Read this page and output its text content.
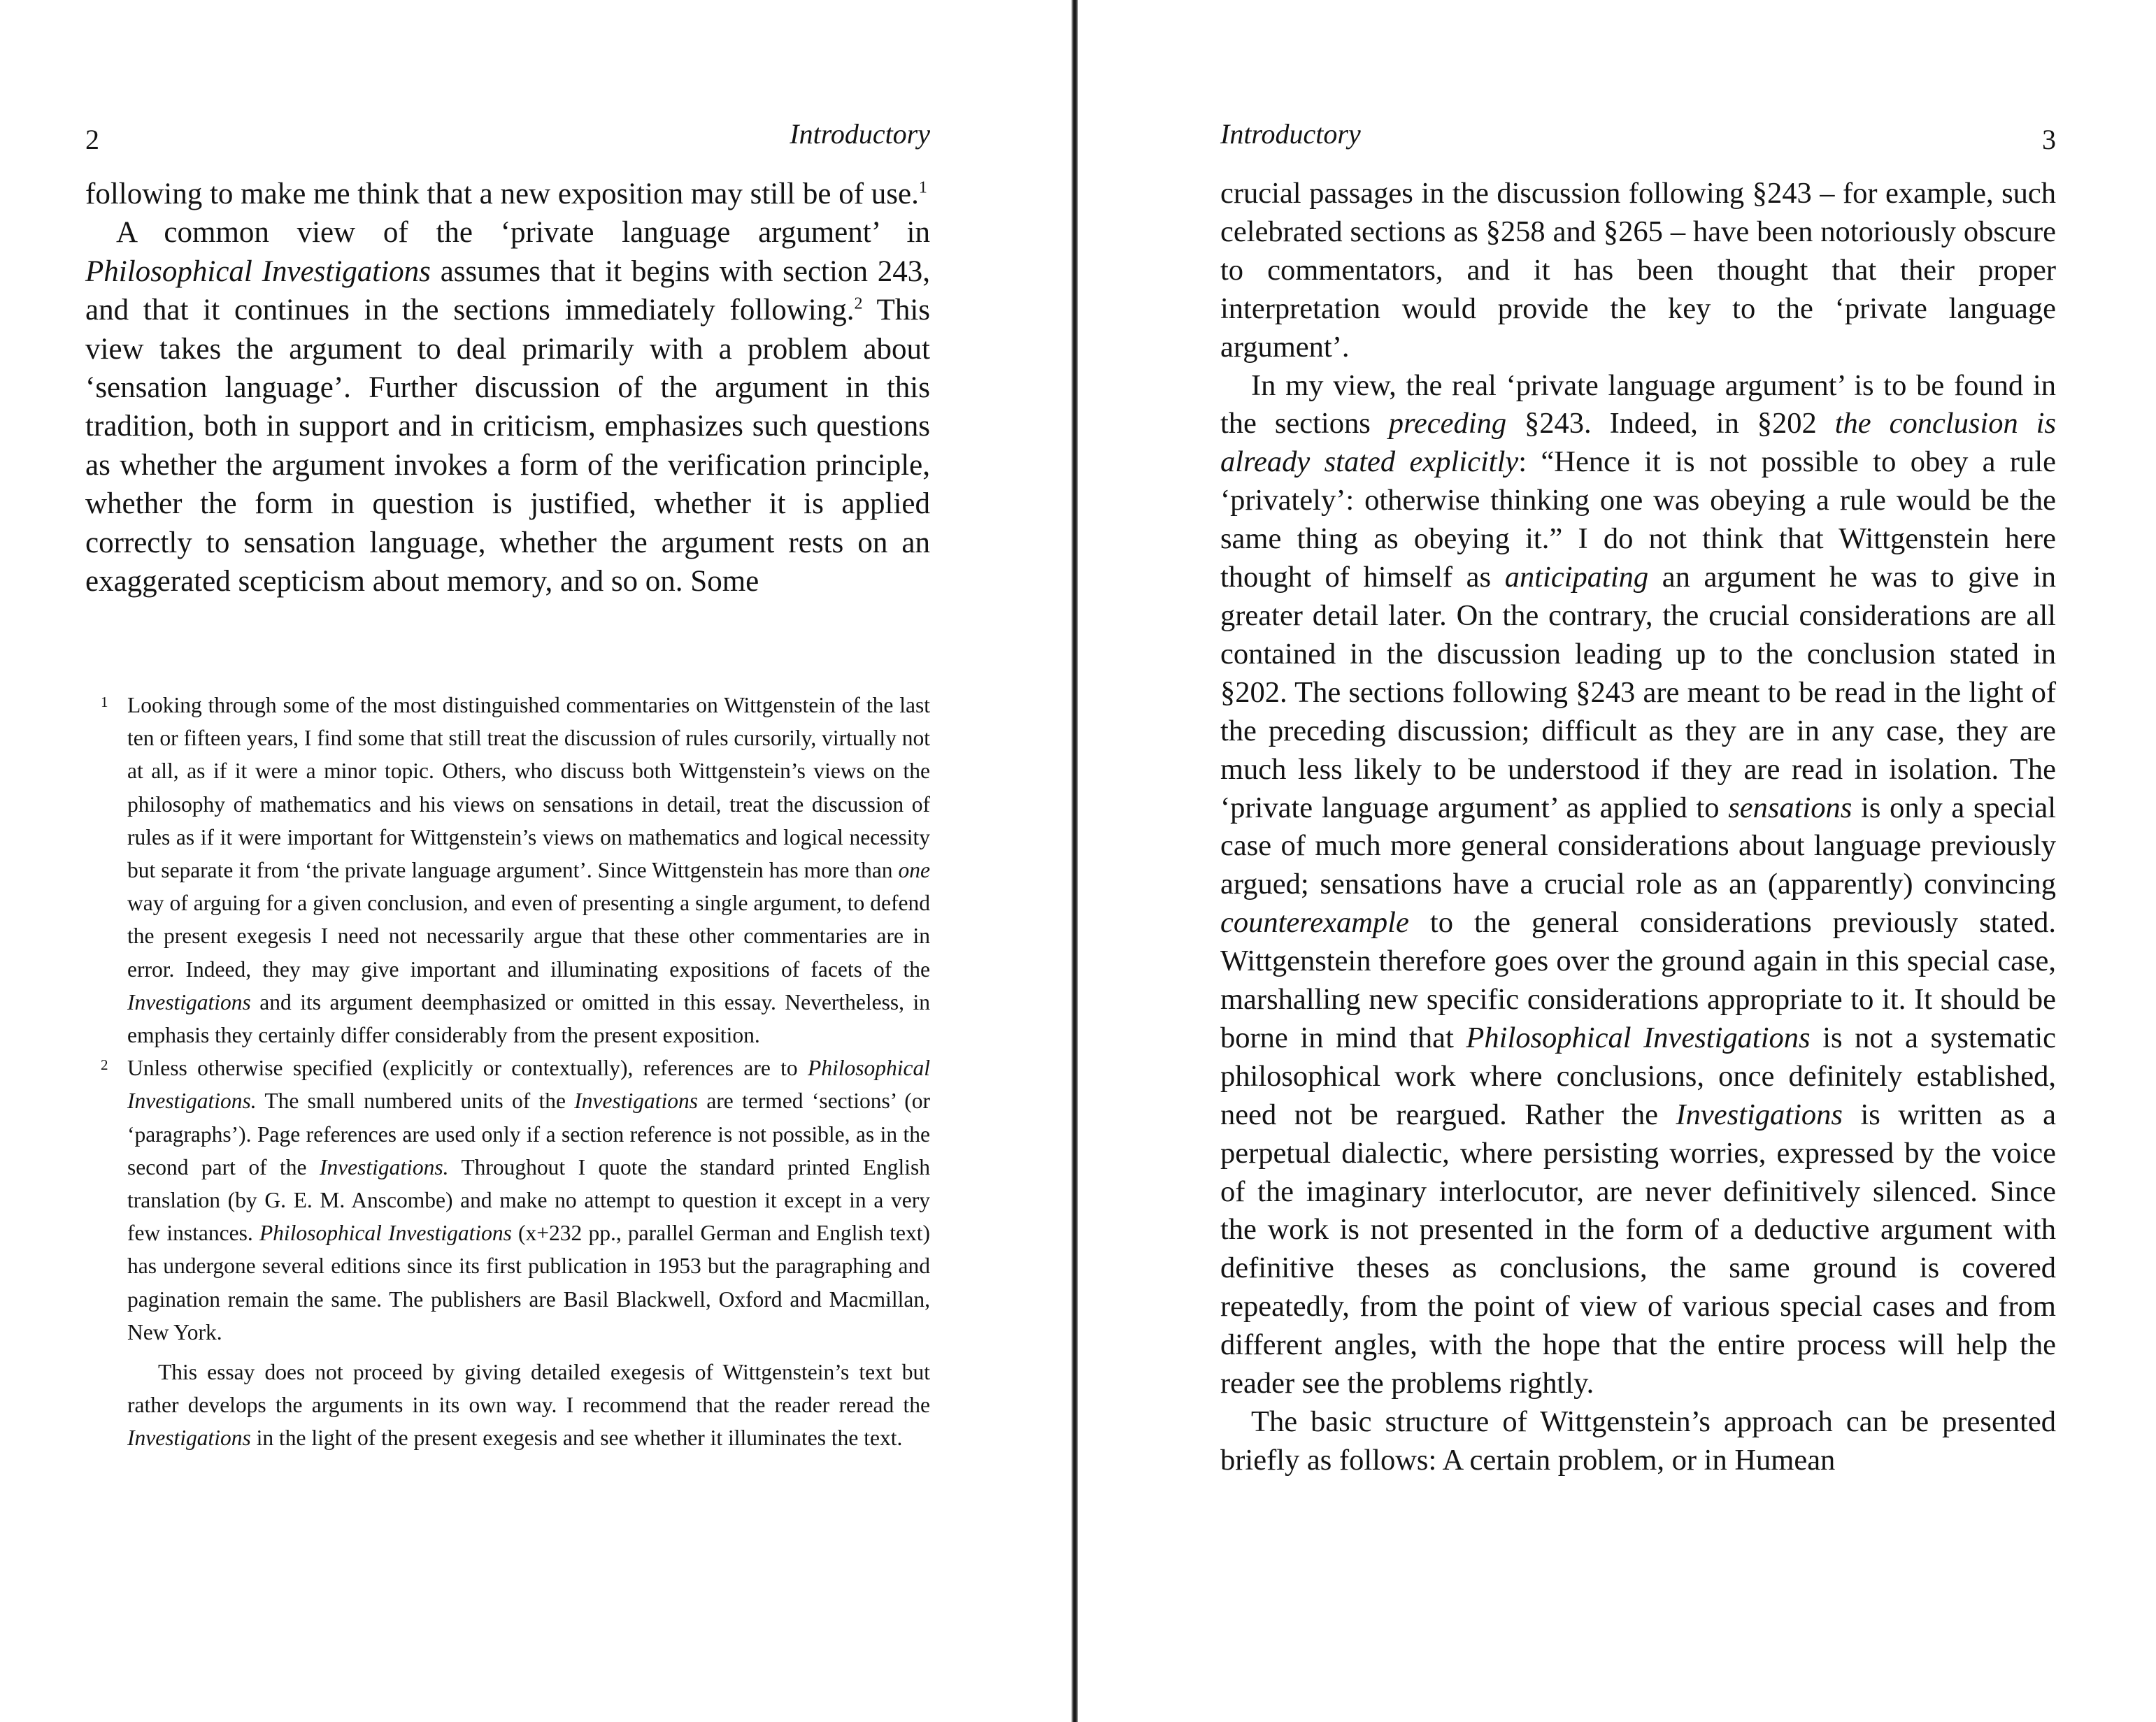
2	Introductory

following to make me think that a new exposition may still be of use.$^1$

A common view of the ‘private language argument’ in Philosophical Investigations assumes that it begins with section 243, and that it continues in the sections immediately following.$^2$ This view takes the argument to deal primarily with a problem about ‘sensation language’. Further discussion of the argument in this tradition, both in support and in criticism, emphasizes such questions as whether the argument invokes a form of the verification principle, whether the form in question is justified, whether it is applied correctly to sensation language, whether the argument rests on an exaggerated scepticism about memory, and so on. Some

1 Looking through some of the most distinguished commentaries on Wittgenstein of the last ten or fifteen years, I find some that still treat the discussion of rules cursorily, virtually not at all, as if it were a minor topic. Others, who discuss both Wittgenstein’s views on the philosophy of mathematics and his views on sensations in detail, treat the discussion of rules as if it were important for Wittgenstein’s views on mathematics and logical necessity but separate it from ‘the private language argument’. Since Wittgenstein has more than one way of arguing for a given conclusion, and even of presenting a single argument, to defend the present exegesis I need not necessarily argue that these other commentaries are in error. Indeed, they may give important and illuminating expositions of facets of the Investigations and its argument deemphasized or omitted in this essay. Nevertheless, in emphasis they certainly differ considerably from the present exposition.

2 Unless otherwise specified (explicitly or contextually), references are to Philosophical Investigations. The small numbered units of the Investigations are termed ‘sections’ (or ‘paragraphs’). Page references are used only if a section reference is not possible, as in the second part of the Investigations. Throughout I quote the standard printed English translation (by G. E. M. Anscombe) and make no attempt to question it except in a very few instances. Philosophical Investigations (x+232 pp., parallel German and English text) has undergone several editions since its first publication in 1953 but the paragraphing and pagination remain the same. The publishers are Basil Blackwell, Oxford and Macmillan, New York.

This essay does not proceed by giving detailed exegesis of Wittgenstein’s text but rather develops the arguments in its own way. I recommend that the reader reread the Investigations in the light of the present exegesis and see whether it illuminates the text.

Introductory	3

crucial passages in the discussion following §243 – for example, such celebrated sections as §258 and §265 – have been notoriously obscure to commentators, and it has been thought that their proper interpretation would provide the key to the ‘private language argument’.

In my view, the real ‘private language argument’ is to be found in the sections preceding §243. Indeed, in §202 the conclusion is already stated explicitly: “Hence it is not possible to obey a rule ‘privately’: otherwise thinking one was obeying a rule would be the same thing as obeying it.” I do not think that Wittgenstein here thought of himself as anticipating an argument he was to give in greater detail later. On the contrary, the crucial considerations are all contained in the discussion leading up to the conclusion stated in §202. The sections following §243 are meant to be read in the light of the preceding discussion; difficult as they are in any case, they are much less likely to be understood if they are read in isolation. The ‘private language argument’ as applied to sensations is only a special case of much more general considerations about language previously argued; sensations have a crucial role as an (apparently) convincing counterexample to the general considerations previously stated. Wittgenstein therefore goes over the ground again in this special case, marshalling new specific considerations appropriate to it. It should be borne in mind that Philosophical Investigations is not a systematic philosophical work where conclusions, once definitely established, need not be reargued. Rather the Investigations is written as a perpetual dialectic, where persisting worries, expressed by the voice of the imaginary interlocutor, are never definitively silenced. Since the work is not presented in the form of a deductive argument with definitive theses as conclusions, the same ground is covered repeatedly, from the point of view of various special cases and from different angles, with the hope that the entire process will help the reader see the problems rightly.

The basic structure of Wittgenstein’s approach can be presented briefly as follows: A certain problem, or in Humean
